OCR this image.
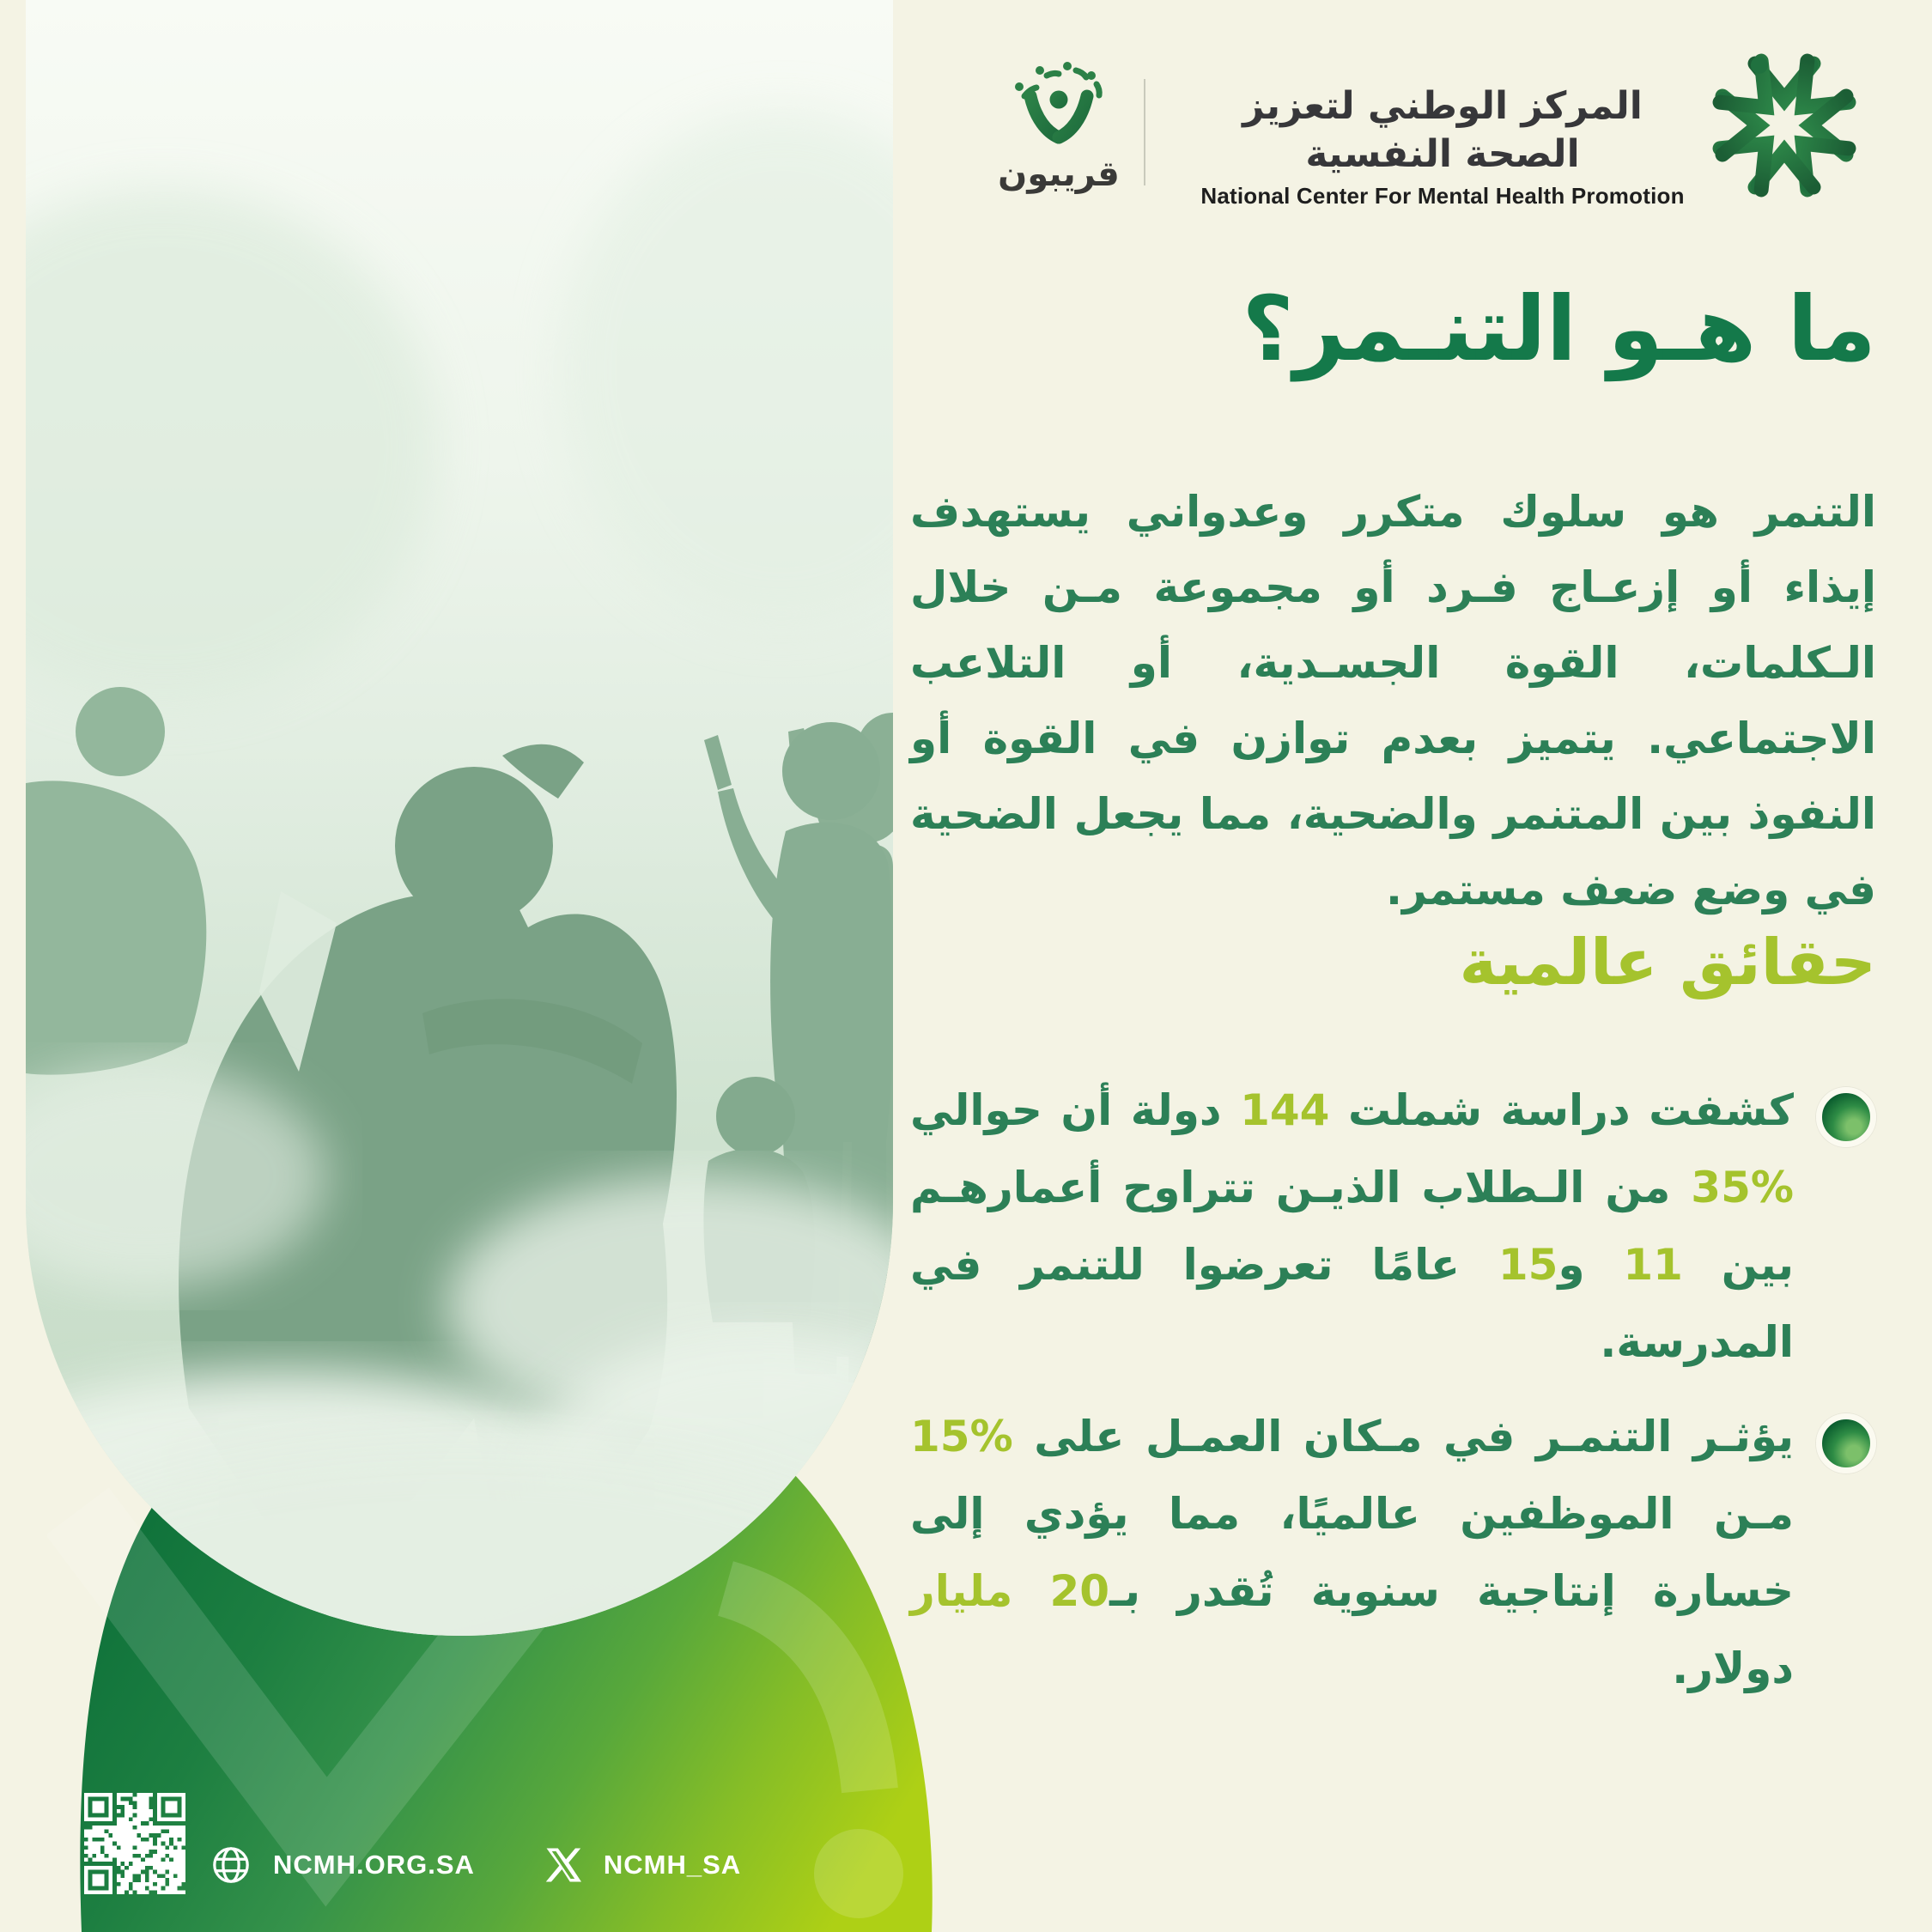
NCMH.ORG.SA	NCMH_SA
قريبون
المركز الوطني لتعزيز الصحة النفسية
National Center For Mental Health Promotion
ما هـو التنـمر؟
التنمر هو سلوك متكرر وعدواني يستهدف إيذاء أو إزعـاج فـرد أو مجموعة مـن خلال الـكلمات، القوة الجسـدية، أو التلاعب الاجتماعي. يتميز بعدم توازن في القوة أو النفوذ بين المتنمر والضحية، مما يجعل الضحية في وضع ضعف مستمر.
حقائق عالمية
كشفت دراسة شملت 144 دولة أن حوالي %35 من الـطلاب الذيـن تتراوح أعمارهـم بين 11 و15 عامًا تعرضوا للتنمر في المدرسة.
يؤثـر التنمـر في مـكان العمـل على %15 مـن الموظفين عالميًا، مما يؤدي إلى خسارة إنتاجية سنوية تُقدر بـ20 مليار دولار.
